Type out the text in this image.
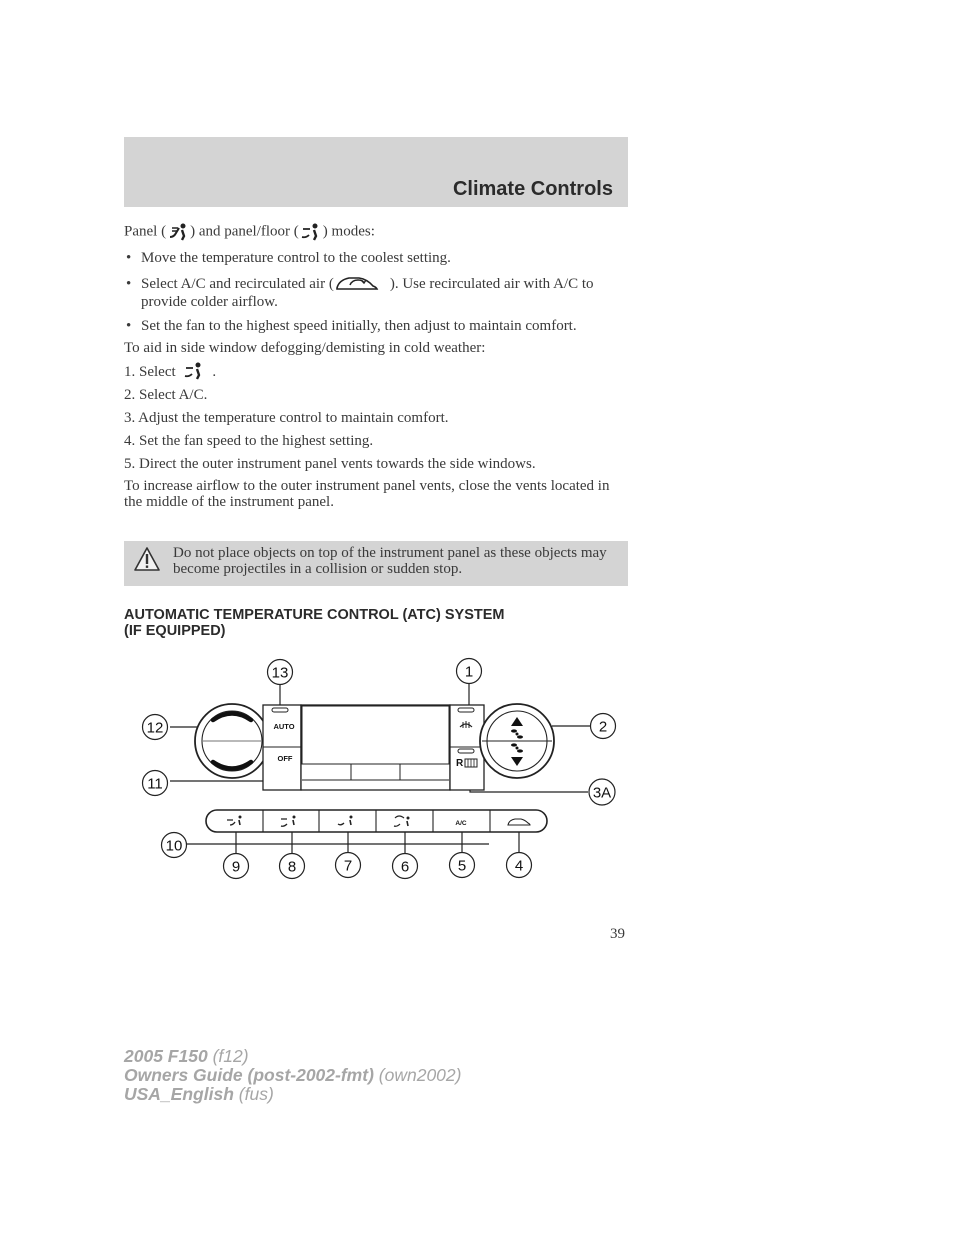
Climate Controls

Panel ( ) and panel/floor ( ) modes:

• Move the temperature control to the coolest setting.

• Select A/C and recirculated air (	). Use recirculated air with A/C to provide colder airflow.

• Set the fan to the highest speed initially, then adjust to maintain comfort.

To aid in side window defogging/demisting in cold weather:

1. Select .

2. Select A/C.

3. Adjust the temperature control to maintain comfort.

4. Set the fan speed to the highest setting.

5. Direct the outer instrument panel vents towards the side windows.

To increase airflow to the outer instrument panel vents, close the vents located in the middle of the instrument panel.

Do not place objects on top of the instrument panel as these objects may become projectiles in a collision or sudden stop.
AUTOMATIC TEMPERATURE CONTROL (ATC) SYSTEM
(IF EQUIPPED)
AUTO
OFF	R
A/C
13	1
12	2
11
3A
10
9	8	7	6	5	4
39
2005 F150 (f12)
Owners Guide (post-2002-fmt) (own2002)
USA_English (fus)
